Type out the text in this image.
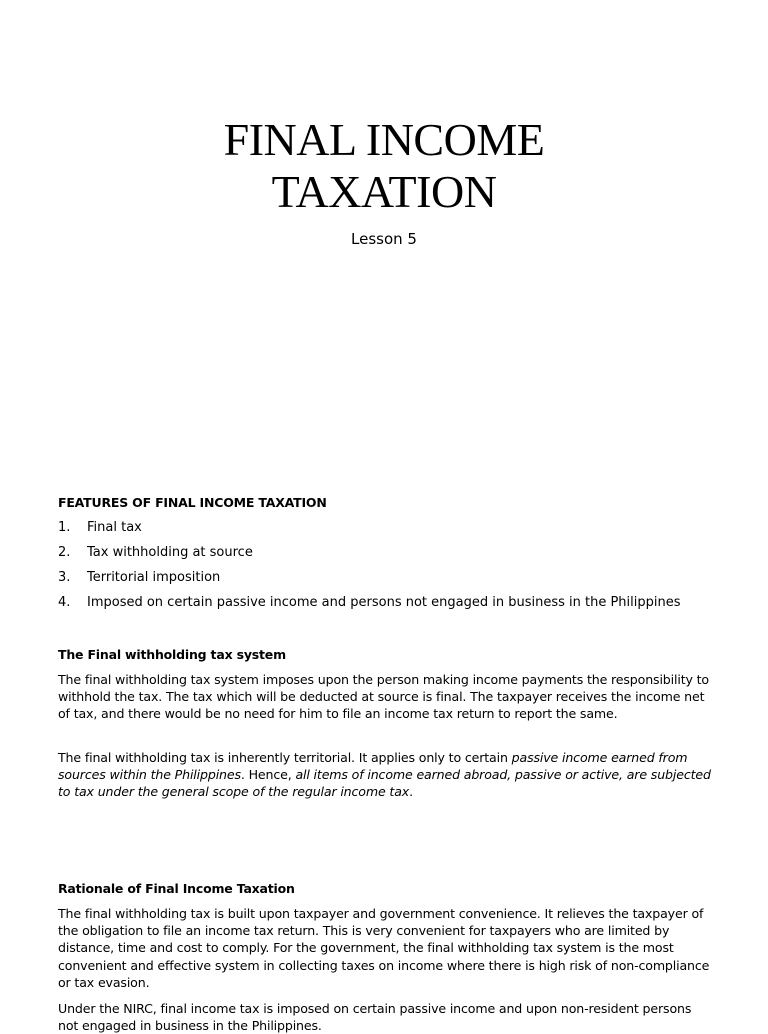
FINAL INCOME
TAXATION
Lesson 5
FEATURES OF FINAL INCOME TAXATION
1.	Final tax
2.	Tax withholding at source
3.	Territorial imposition
4.	Imposed on certain passive income and persons not engaged in business in the Philippines
The Final withholding tax system

The final withholding tax system imposes upon the person making income payments the responsibility to withhold the tax. The tax which will be deducted at source is final. The taxpayer receives the income net of tax, and there would be no need for him to file an income tax return to report the same.

The final withholding tax is inherently territorial. It applies only to certain passive income earned from sources within the Philippines. Hence, all items of income earned abroad, passive or active, are subjected to tax under the general scope of the regular income tax.

Rationale of Final Income Taxation

The final withholding tax is built upon taxpayer and government convenience. It relieves the taxpayer of the obligation to file an income tax return. This is very convenient for taxpayers who are limited by distance, time and cost to comply. For the government, the final withholding tax system is the most convenient and effective system in collecting taxes on income where there is high risk of non-compliance or tax evasion.

Under the NIRC, final income tax is imposed on certain passive income and upon non-resident persons not engaged in business in the Philippines.
